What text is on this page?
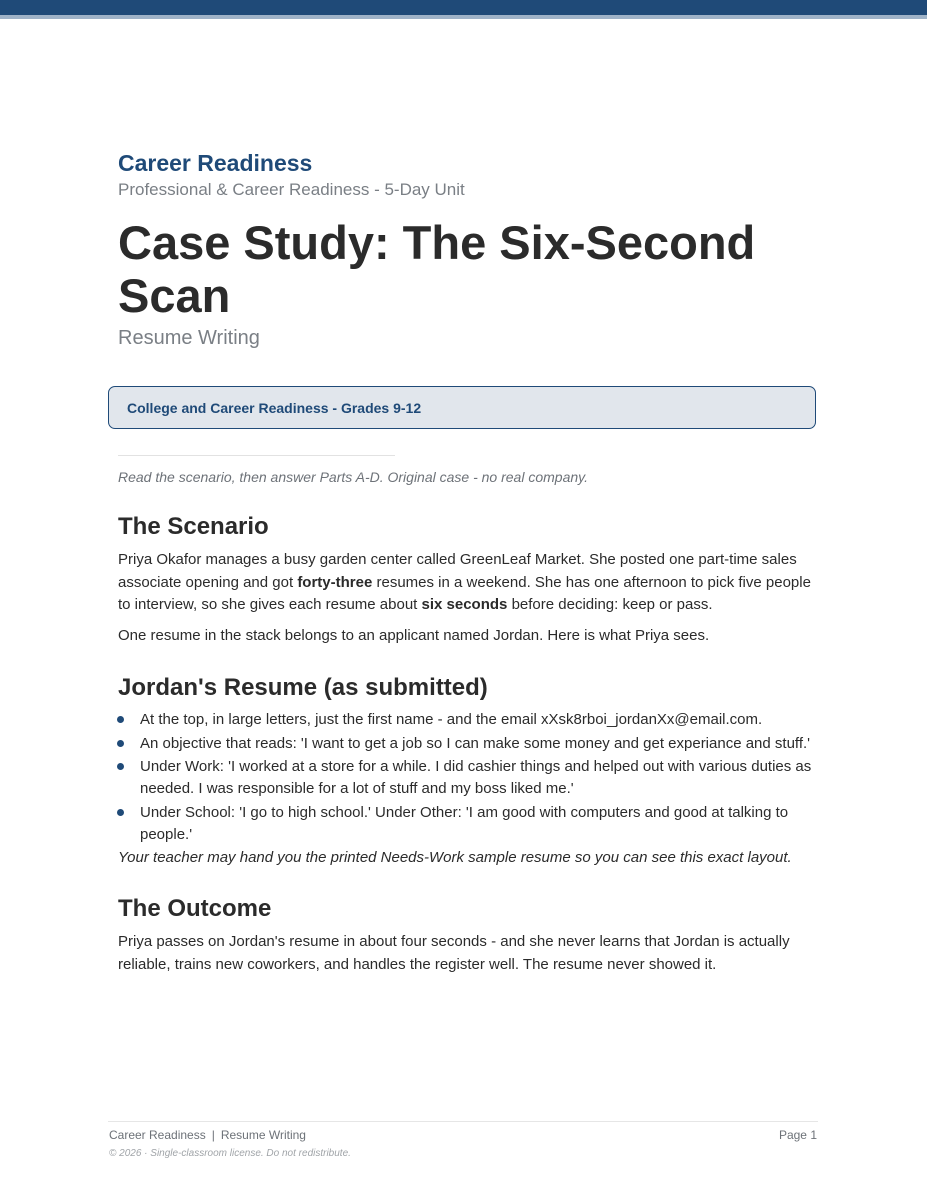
Career Readiness

Professional & Career Readiness - 5-Day Unit

Case Study: The Six-Second Scan

Resume Writing

College and Career Readiness - Grades 9-12

Read the scenario, then answer Parts A-D. Original case - no real company.

The Scenario

Priya Okafor manages a busy garden center called GreenLeaf Market. She posted one part-time sales associate opening and got forty-three resumes in a weekend. She has one afternoon to pick five people to interview, so she gives each resume about six seconds before deciding: keep or pass.

One resume in the stack belongs to an applicant named Jordan. Here is what Priya sees.

Jordan's Resume (as submitted)
At the top, in large letters, just the first name - and the email xXsk8rboi_jordanXx@email.com.
An objective that reads: 'I want to get a job so I can make some money and get experiance and stuff.'
Under Work: 'I worked at a store for a while. I did cashier things and helped out with various duties as needed. I was responsible for a lot of stuff and my boss liked me.'
Under School: 'I go to high school.' Under Other: 'I am good with computers and good at talking to people.'

Your teacher may hand you the printed Needs-Work sample resume so you can see this exact layout.

The Outcome

Priya passes on Jordan's resume in about four seconds - and she never learns that Jordan is actually reliable, trains new coworkers, and handles the register well. The resume never showed it.

Career Readiness | Resume Writing	Page 1
© 2026 · Single-classroom license. Do not redistribute.
